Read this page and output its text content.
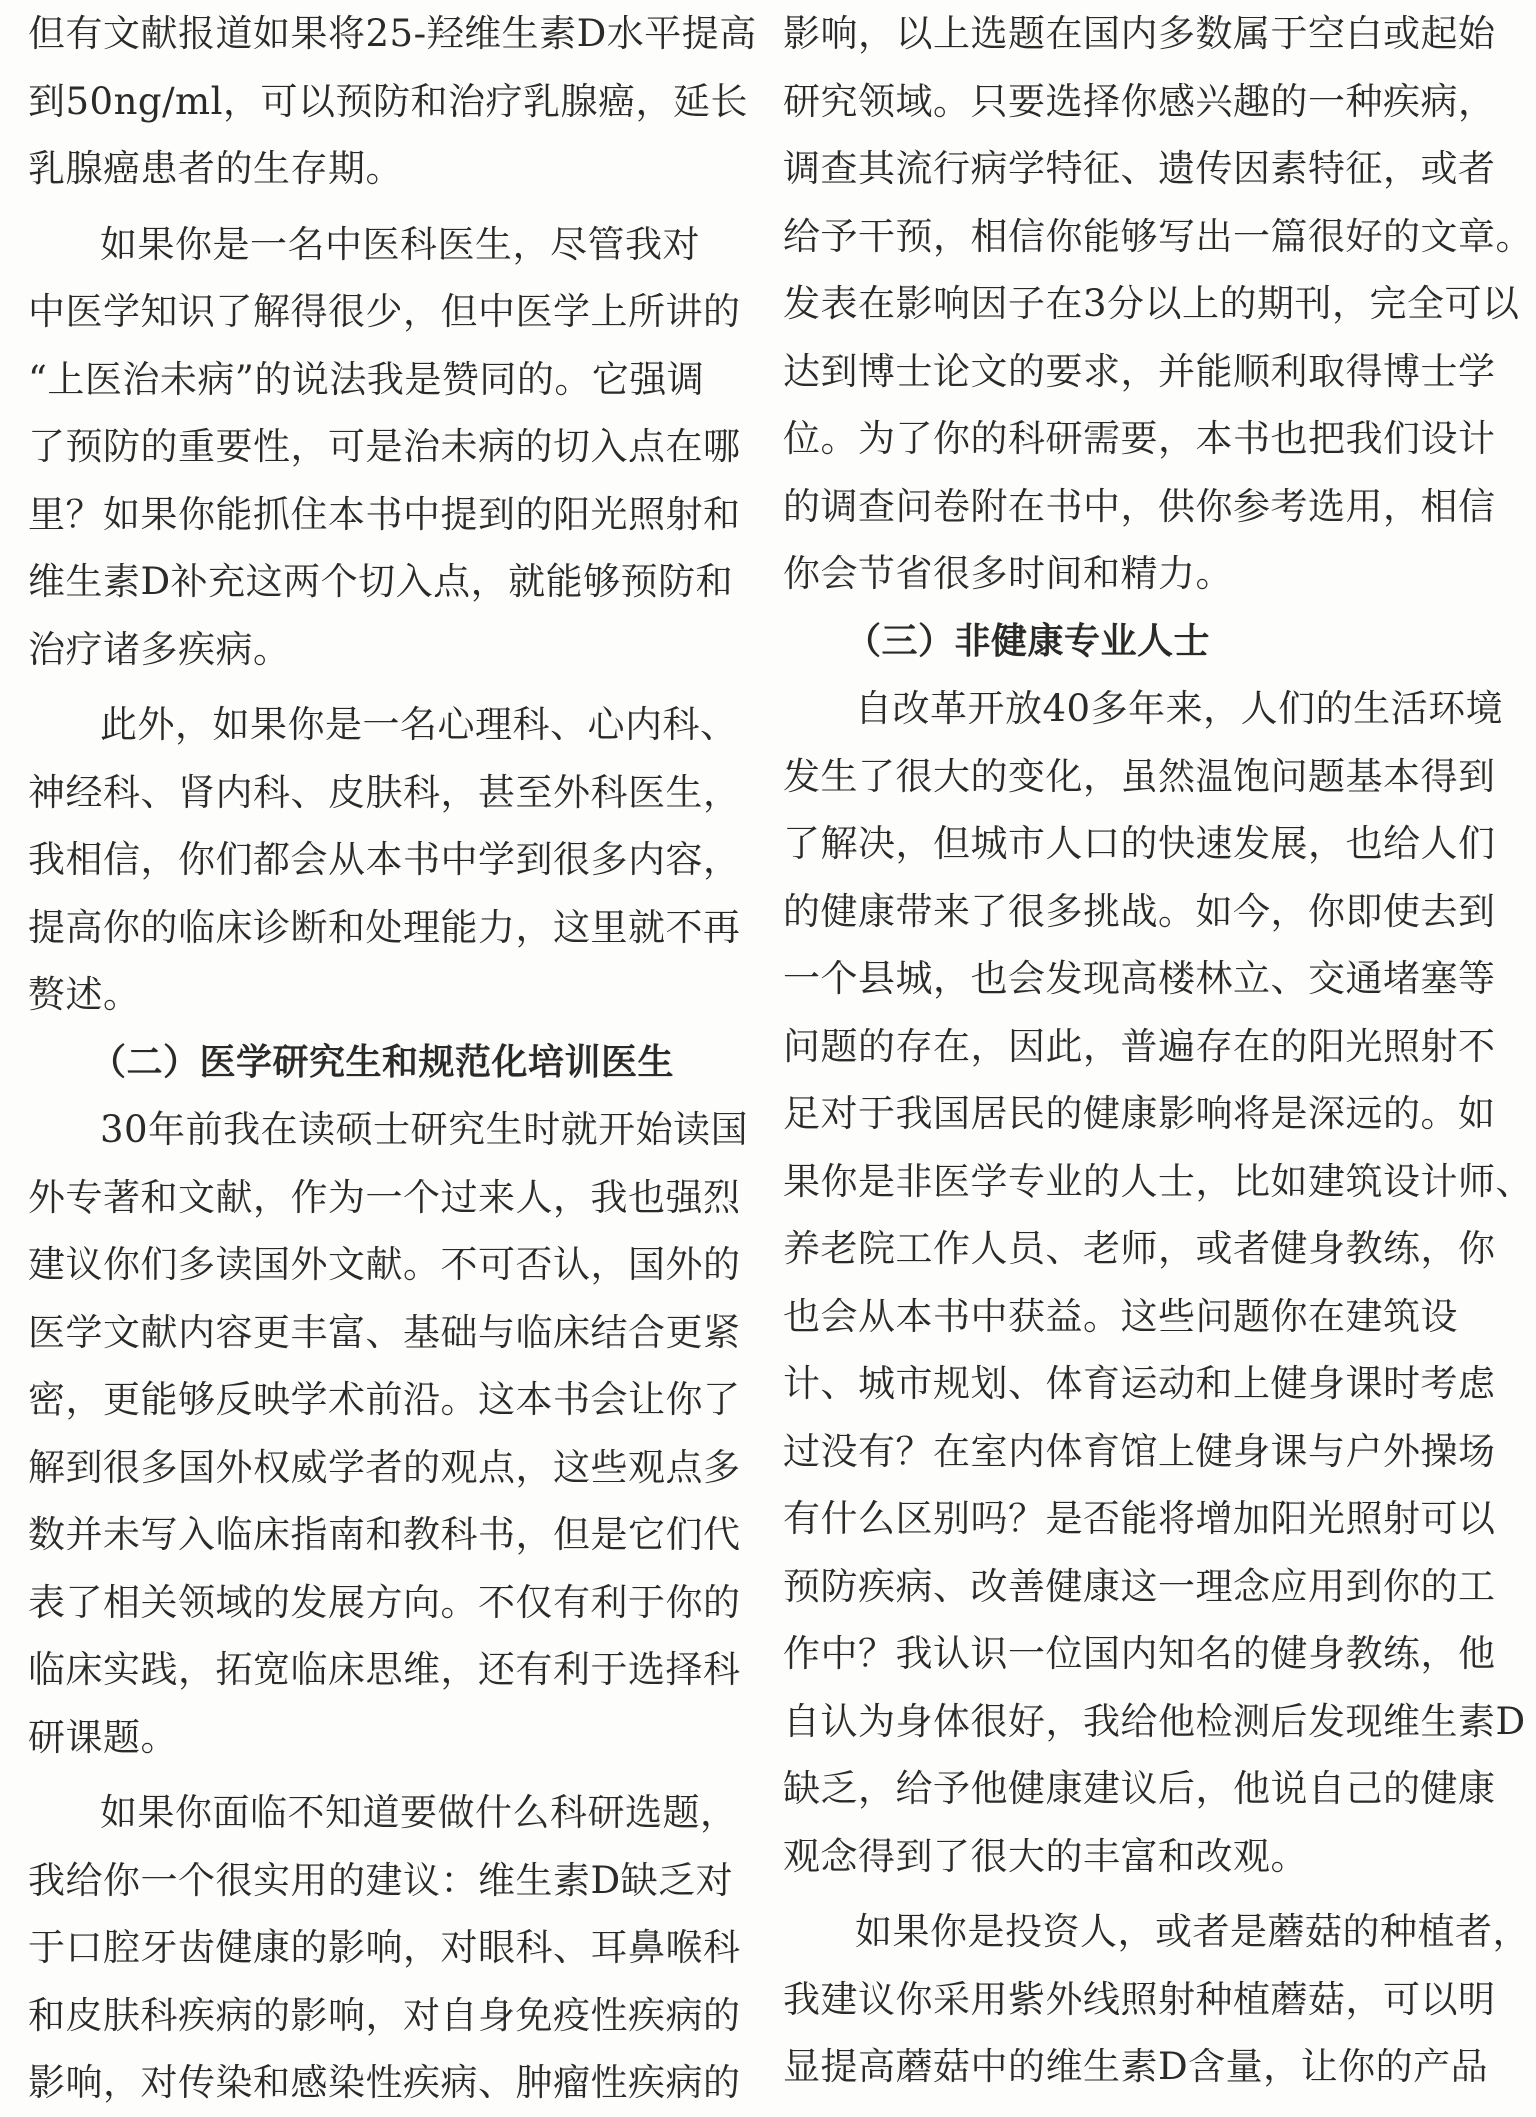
但有文献报道如果将25-羟维生素D水平提高
到50ng/ml，可以预防和治疗乳腺癌，延长
乳腺癌患者的生存期。

如果你是一名中医科医生，尽管我对
中医学知识了解得很少，但中医学上所讲的
“上医治未病”的说法我是赞同的。它强调
了预防的重要性，可是治未病的切入点在哪
里？如果你能抓住本书中提到的阳光照射和
维生素D补充这两个切入点，就能够预防和
治疗诸多疾病。

此外，如果你是一名心理科、心内科、
神经科、肾内科、皮肤科，甚至外科医生，
我相信，你们都会从本书中学到很多内容，
提高你的临床诊断和处理能力，这里就不再
赘述。

（二）医学研究生和规范化培训医生

30年前我在读硕士研究生时就开始读国
外专著和文献，作为一个过来人，我也强烈
建议你们多读国外文献。不可否认，国外的
医学文献内容更丰富、基础与临床结合更紧
密，更能够反映学术前沿。这本书会让你了
解到很多国外权威学者的观点，这些观点多
数并未写入临床指南和教科书，但是它们代
表了相关领域的发展方向。不仅有利于你的
临床实践，拓宽临床思维，还有利于选择科
研课题。

如果你面临不知道要做什么科研选题，
我给你一个很实用的建议：维生素D缺乏对
于口腔牙齿健康的影响，对眼科、耳鼻喉科
和皮肤科疾病的影响，对自身免疫性疾病的
影响，对传染和感染性疾病、肿瘤性疾病的

影响，以上选题在国内多数属于空白或起始
研究领域。只要选择你感兴趣的一种疾病，
调查其流行病学特征、遗传因素特征，或者
给予干预，相信你能够写出一篇很好的文章。
发表在影响因子在3分以上的期刊，完全可以
达到博士论文的要求，并能顺利取得博士学
位。为了你的科研需要，本书也把我们设计
的调查问卷附在书中，供你参考选用，相信
你会节省很多时间和精力。

（三）非健康专业人士

自改革开放40多年来，人们的生活环境
发生了很大的变化，虽然温饱问题基本得到
了解决，但城市人口的快速发展，也给人们
的健康带来了很多挑战。如今，你即使去到
一个县城，也会发现高楼林立、交通堵塞等
问题的存在，因此，普遍存在的阳光照射不
足对于我国居民的健康影响将是深远的。如
果你是非医学专业的人士，比如建筑设计师、
养老院工作人员、老师，或者健身教练，你
也会从本书中获益。这些问题你在建筑设
计、城市规划、体育运动和上健身课时考虑
过没有？在室内体育馆上健身课与户外操场
有什么区别吗？是否能将增加阳光照射可以
预防疾病、改善健康这一理念应用到你的工
作中？我认识一位国内知名的健身教练，他
自认为身体很好，我给他检测后发现维生素D
缺乏，给予他健康建议后，他说自己的健康
观念得到了很大的丰富和改观。

如果你是投资人，或者是蘑菇的种植者，
我建议你采用紫外线照射种植蘑菇，可以明
显提高蘑菇中的维生素D含量，让你的产品
